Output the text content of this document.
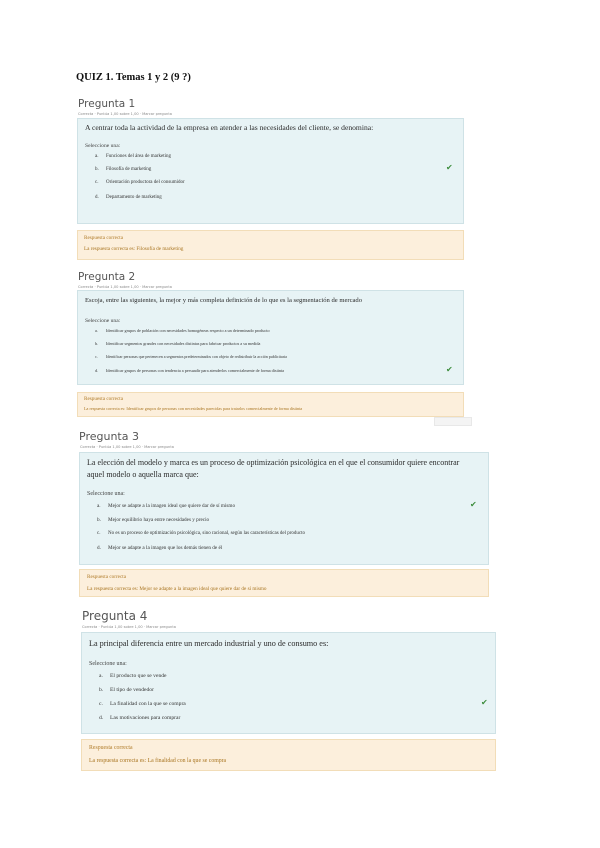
QUIZ 1. Temas 1 y 2 (9 ?)
Pregunta 1
Correcta · Puntúa 1,00 sobre 1,00 · Marcar pregunta
A centrar toda la actividad de la empresa en atender a las necesidades del cliente, se denomina:
Seleccione una:
a. Funciones del área de marketing
b. Filosofía de marketing
c. Orientación productora del consumidor
d. Departamento de marketing
✔
Respuesta correcta
La respuesta correcta es: Filosofía de marketing
Pregunta 2
Correcta · Puntúa 1,00 sobre 1,00 · Marcar pregunta
Escoja, entre las siguientes, la mejor y más completa definición de lo que es la segmentación de mercado
Seleccione una:
a. Identificar grupos de población con necesidades homogéneas respecto a un determinado producto
b. Identificar segmentos grandes con necesidades distintas para fabricar productos a su medida
c. Identificar personas que pertenecen a segmentos predeterminados con objeto de redistribuir la acción publicitaria
d. Identificar grupos de personas con tendencia a persuadir para atenderlos comercialmente de forma distinta	✔
Respuesta correcta
La respuesta correcta es: Identificar grupos de personas con necesidades parecidas para tratarlos comercialmente de forma distinta
Pregunta 3
Correcta · Puntúa 1,00 sobre 1,00 · Marcar pregunta
La elección del modelo y marca es un proceso de optimización psicológica en el que el consumidor quiere encontrar aquel modelo o aquella marca que:
Seleccione una:
a. Mejor se adapte a la imagen ideal que quiere dar de sí mismo
b. Mejor equilibrio haya entre necesidades y precio
c. No es un proceso de optimización psicológica, sino racional, según las características del producto
d. Mejor se adapte a la imagen que los demás tienen de él
✔
Respuesta correcta
La respuesta correcta es: Mejor se adapte a la imagen ideal que quiere dar de sí mismo
Pregunta 4
Correcta · Puntúa 1,00 sobre 1,00 · Marcar pregunta
La principal diferencia entre un mercado industrial y uno de consumo es:
Seleccione una:
a. El producto que se vende
b. El tipo de vendedor
c. La finalidad con la que se compra
d. Las motivaciones para comprar
✔
Respuesta correcta
La respuesta correcta es: La finalidad con la que se compra
